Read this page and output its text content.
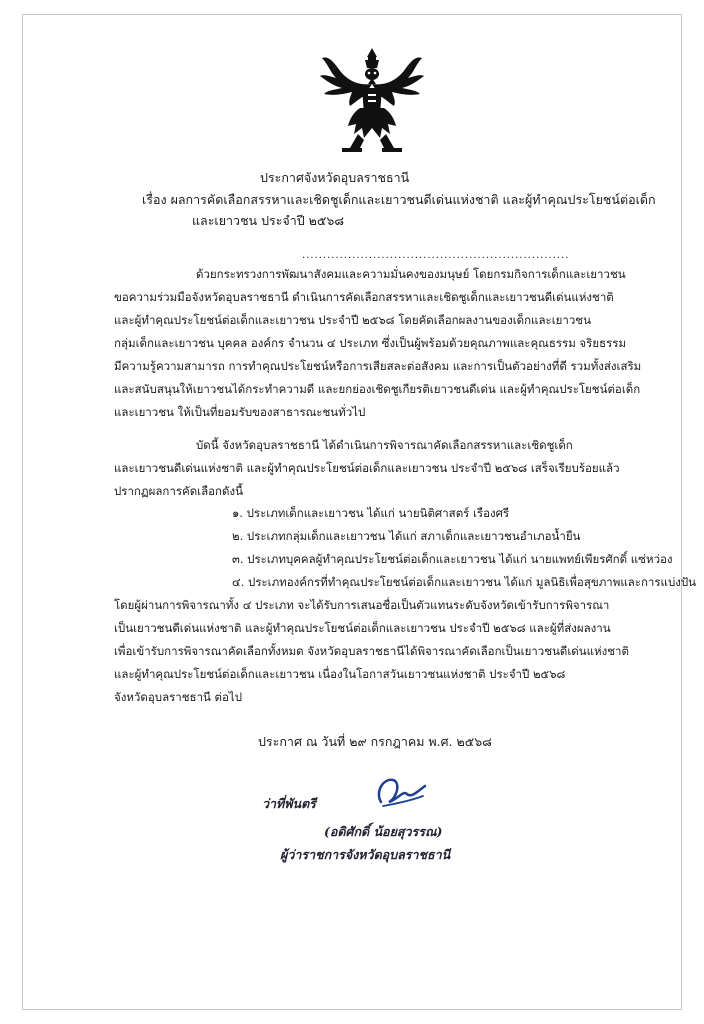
ประกาศจังหวัดอุบลราชธานี
เรื่อง ผลการคัดเลือกสรรหาและเชิดชูเด็กและเยาวชนดีเด่นแห่งชาติ และผู้ทำคุณประโยชน์ต่อเด็ก
และเยาวชน ประจำปี ๒๕๖๘
................................................................
ด้วยกระทรวงการพัฒนาสังคมและความมั่นคงของมนุษย์ โดยกรมกิจการเด็กและเยาวชน
ขอความร่วมมือจังหวัดอุบลราชธานี ดำเนินการคัดเลือกสรรหาและเชิดชูเด็กและเยาวชนดีเด่นแห่งชาติ
และผู้ทำคุณประโยชน์ต่อเด็กและเยาวชน ประจำปี ๒๕๖๘ โดยคัดเลือกผลงานของเด็กและเยาวชน
กลุ่มเด็กและเยาวชน บุคคล องค์กร จำนวน ๔ ประเภท ซึ่งเป็นผู้พร้อมด้วยคุณภาพและคุณธรรม จริยธรรม
มีความรู้ความสามารถ การทำคุณประโยชน์หรือการเสียสละต่อสังคม และการเป็นตัวอย่างที่ดี รวมทั้งส่งเสริม
และสนับสนุนให้เยาวชนได้กระทำความดี และยกย่องเชิดชูเกียรติเยาวชนดีเด่น และผู้ทำคุณประโยชน์ต่อเด็ก
และเยาวชน ให้เป็นที่ยอมรับของสาธารณะชนทั่วไป
บัดนี้ จังหวัดอุบลราชธานี ได้ดำเนินการพิจารณาคัดเลือกสรรหาและเชิดชูเด็ก
และเยาวชนดีเด่นแห่งชาติ และผู้ทำคุณประโยชน์ต่อเด็กและเยาวชน ประจำปี ๒๕๖๘ เสร็จเรียบร้อยแล้ว
ปรากฏผลการคัดเลือกดังนี้
๑. ประเภทเด็กและเยาวชน ได้แก่ นายนิติศาสตร์ เรืองศรี
๒. ประเภทกลุ่มเด็กและเยาวชน ได้แก่ สภาเด็กและเยาวชนอำเภอน้ำยืน
๓. ประเภทบุคคลผู้ทำคุณประโยชน์ต่อเด็กและเยาวชน ได้แก่ นายแพทย์เพียรศักดิ์ แซ่หว่อง
๔. ประเภทองค์กรที่ทำคุณประโยชน์ต่อเด็กและเยาวชน ได้แก่ มูลนิธิเพื่อสุขภาพและการแบ่งปัน
โดยผู้ผ่านการพิจารณาทั้ง ๔ ประเภท จะได้รับการเสนอชื่อเป็นตัวแทนระดับจังหวัดเข้ารับการพิจารณา
เป็นเยาวชนดีเด่นแห่งชาติ และผู้ทำคุณประโยชน์ต่อเด็กและเยาวชน ประจำปี ๒๕๖๘ และผู้ที่ส่งผลงาน
เพื่อเข้ารับการพิจารณาคัดเลือกทั้งหมด จังหวัดอุบลราชธานีได้พิจารณาคัดเลือกเป็นเยาวชนดีเด่นแห่งชาติ
และผู้ทำคุณประโยชน์ต่อเด็กและเยาวชน เนื่องในโอกาสวันเยาวชนแห่งชาติ ประจำปี ๒๕๖๘
จังหวัดอุบลราชธานี ต่อไป
ประกาศ ณ วันที่ ๒๙ กรกฎาคม พ.ศ. ๒๕๖๘
ว่าที่พันตรี
(อดิศักดิ์ น้อยสุวรรณ)
ผู้ว่าราชการจังหวัดอุบลราชธานี
